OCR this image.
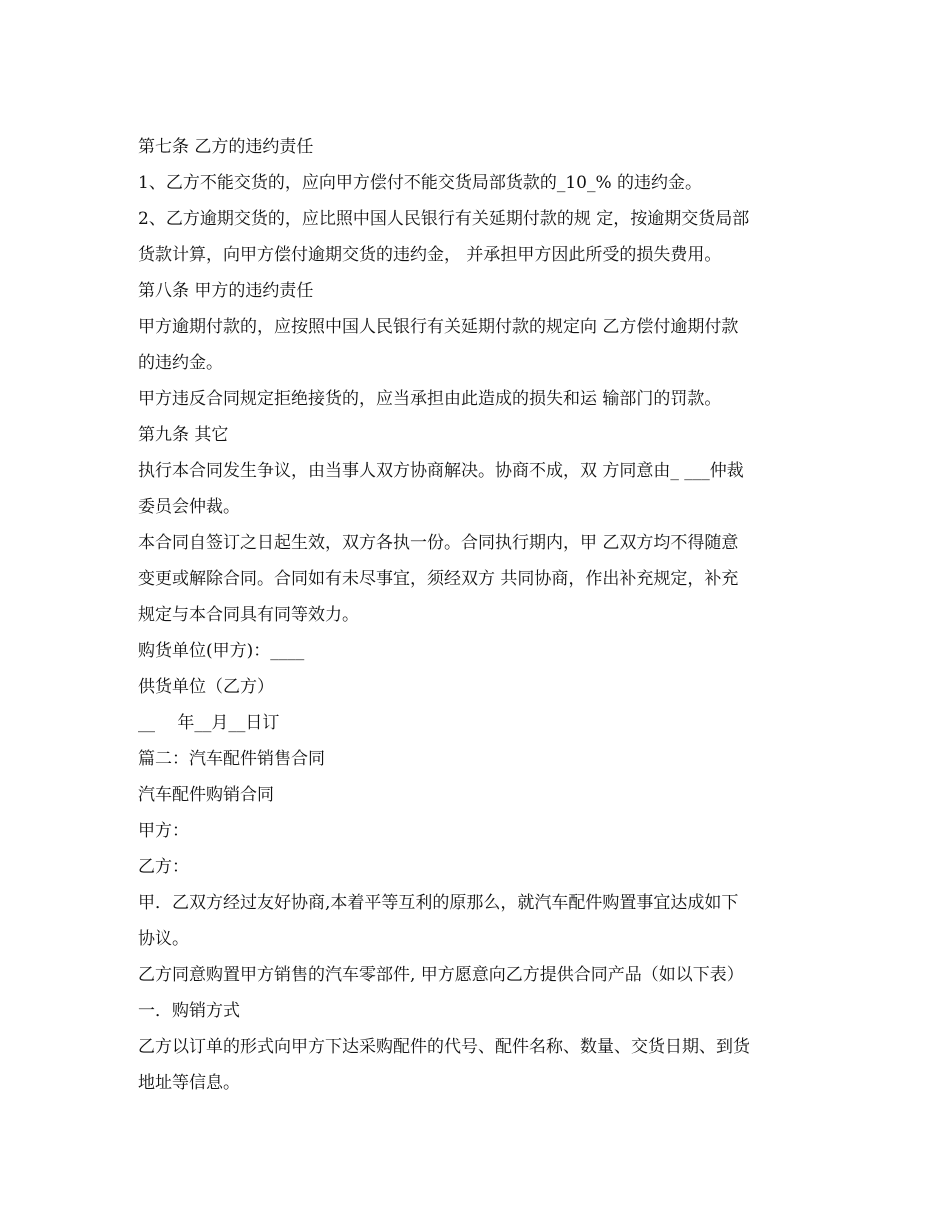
第七条 乙方的违约责任
1、乙方不能交货的，应向甲方偿付不能交货局部货款的_10_% 的违约金。
2、乙方逾期交货的，应比照中国人民银行有关延期付款的规 定，按逾期交货局部
货款计算，向甲方偿付逾期交货的违约金， 并承担甲方因此所受的损失费用。
第八条 甲方的违约责任
甲方逾期付款的，应按照中国人民银行有关延期付款的规定向 乙方偿付逾期付款
的违约金。
甲方违反合同规定拒绝接货的，应当承担由此造成的损失和运 输部门的罚款。
第九条 其它
执行本合同发生争议，由当事人双方协商解决。协商不成，双 方同意由_ ___仲裁
委员会仲裁。
本合同自签订之日起生效，双方各执一份。合同执行期内，甲 乙双方均不得随意
变更或解除合同。合同如有未尽事宜，须经双方 共同协商，作出补充规定，补充
规定与本合同具有同等效力。
购货单位(甲方)：____
供货单位（乙方）
__　 年__月__日订
篇二：汽车配件销售合同
汽车配件购销合同
甲方：
乙方：
甲．乙双方经过友好协商,本着平等互利的原那么，就汽车配件购置事宜达成如下
协议。
乙方同意购置甲方销售的汽车零部件, 甲方愿意向乙方提供合同产品（如以下表）
一．购销方式
乙方以订单的形式向甲方下达采购配件的代号、配件名称、数量、交货日期、到货
地址等信息。
